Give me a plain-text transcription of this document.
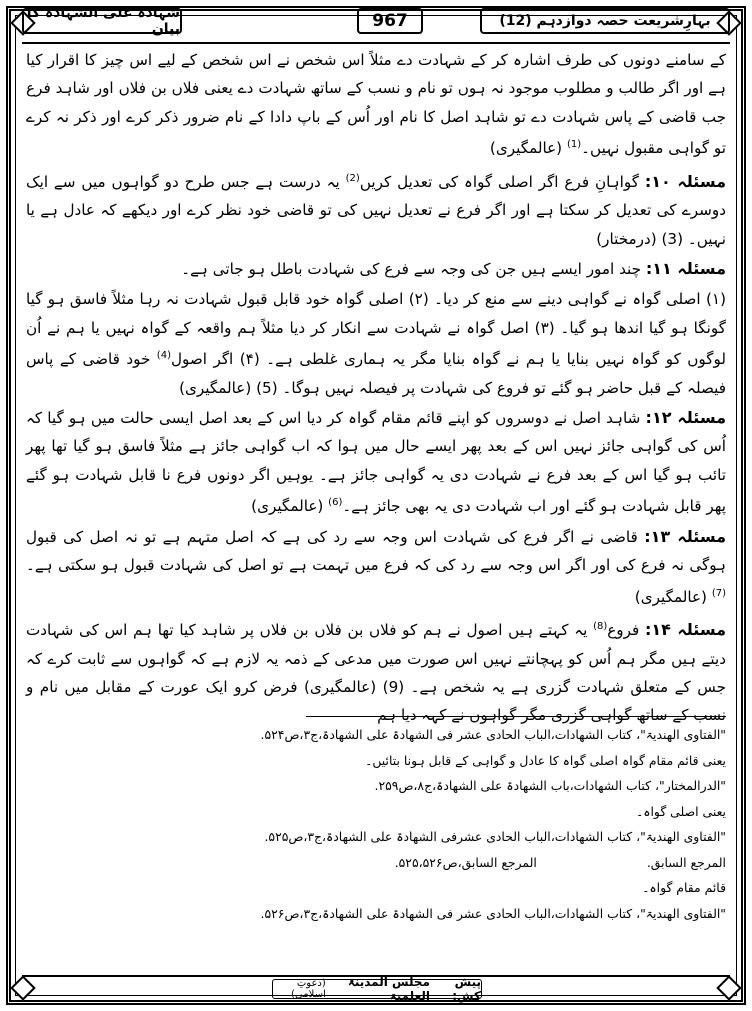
بہارِشریعت حصہ دوازدہم (12)
967
شہادۃ علی الشہادۃ کا بیان

کے سامنے دونوں کی طرف اشارہ کر کے شہادت دے مثلاً اس شخص نے اس شخص کے لیے اس چیز کا اقرار کیا ہے اور اگر طالب و مطلوب موجود نہ ہوں تو نام و نسب کے ساتھ شہادت دے یعنی فلاں بن فلاں اور شاہد فرع جب قاضی کے پاس شہادت دے تو شاہد اصل کا نام اور اُس کے باپ دادا کے نام ضرور ذکر کرے اور ذکر نہ کرے تو گواہی مقبول نہیں۔$^{(1)}$ (عالمگیری)

مسئلہ ۱۰: گواہانِ فرع اگر اصلی گواہ کی تعدیل کریں$^{(2)}$ یہ درست ہے جس طرح دو گواہوں میں سے ایک دوسرے کی تعدیل کر سکتا ہے اور اگر فرع نے تعدیل نہیں کی تو قاضی خود نظر کرے اور دیکھے کہ عادل ہے یا نہیں۔ (3) (درمختار)

مسئلہ ۱۱: چند امور ایسے ہیں جن کی وجہ سے فرع کی شہادت باطل ہو جاتی ہے۔

(۱) اصلی گواہ نے گواہی دینے سے منع کر دیا۔ (۲) اصلی گواہ خود قابل قبول شہادت نہ رہا مثلاً فاسق ہو گیا گونگا ہو گیا اندھا ہو گیا۔ (۳) اصل گواہ نے شہادت سے انکار کر دیا مثلاً ہم واقعہ کے گواہ نہیں یا ہم نے اُن لوگوں کو گواہ نہیں بنایا یا ہم نے گواہ بنایا مگر یہ ہماری غلطی ہے۔ (۴) اگر اصول$^{(4)}$ خود قاضی کے پاس فیصلہ کے قبل حاضر ہو گئے تو فروع کی شہادت پر فیصلہ نہیں ہوگا۔ (5) (عالمگیری)

مسئلہ ۱۲: شاہد اصل نے دوسروں کو اپنے قائم مقام گواہ کر دیا اس کے بعد اصل ایسی حالت میں ہو گیا کہ اُس کی گواہی جائز نہیں اس کے بعد پھر ایسے حال میں ہوا کہ اب گواہی جائز ہے مثلاً فاسق ہو گیا تھا پھر تائب ہو گیا اس کے بعد فرع نے شہادت دی یہ گواہی جائز ہے۔ یوہیں اگر دونوں فرع نا قابل شہادت ہو گئے پھر قابل شہادت ہو گئے اور اب شہادت دی یہ بھی جائز ہے۔$^{(6)}$ (عالمگیری)

مسئلہ ۱۳: قاضی نے اگر فرع کی شہادت اس وجہ سے رد کی ہے کہ اصل متہم ہے تو نہ اصل کی قبول ہوگی نہ فرع کی اور اگر اس وجہ سے رد کی کہ فرع میں تہمت ہے تو اصل کی شہادت قبول ہو سکتی ہے۔$^{(7)}$ (عالمگیری)

مسئلہ ۱۴: فروع$^{(8)}$ یہ کہتے ہیں اصول نے ہم کو فلاں بن فلاں بن فلاں پر شاہد کیا تھا ہم اس کی شہادت دیتے ہیں مگر ہم اُس کو پہچانتے نہیں اس صورت میں مدعی کے ذمہ یہ لازم ہے کہ گواہوں سے ثابت کرے کہ جس کے متعلق شہادت گزری ہے یہ شخص ہے۔ (9) (عالمگیری) فرض کرو ایک عورت کے مقابل میں نام و نسب کے ساتھ گواہی گزری مگر گواہوں نے کہہ دیا ہم

"الفتاوی الھندیۃ"، کتاب الشھادات،الباب الحادی عشر فی الشھادۃ علی الشھادۃ،ج۳،ص۵۲۴.
یعنی قائم مقام گواہ اصلی گواہ کا عادل و گواہی کے قابل ہونا بتائیں۔
"الدرالمختار"، کتاب الشھادات،باب الشھادۃ علی الشھادۃ،ج۸،ص۲۵۹.
یعنی اصلی گواہ۔
"الفتاوی الھندیۃ"، کتاب الشھادات،الباب الحادی عشرفی الشھادۃ علی الشھادۃ،ج۳،ص۵۲۵.
المرجع السابق.
المرجع السابق،ص۵۲۵،۵۲۶.
قائم مقام گواہ۔
"الفتاوی الھندیۃ"، کتاب الشھادات،الباب الحادی عشر فی الشھادۃ علی الشھادۃ،ج۳،ص۵۲۶.
پیش کش:

مجلس المدینۃ العلمیۃ

(دعوتِ اسلامی)
